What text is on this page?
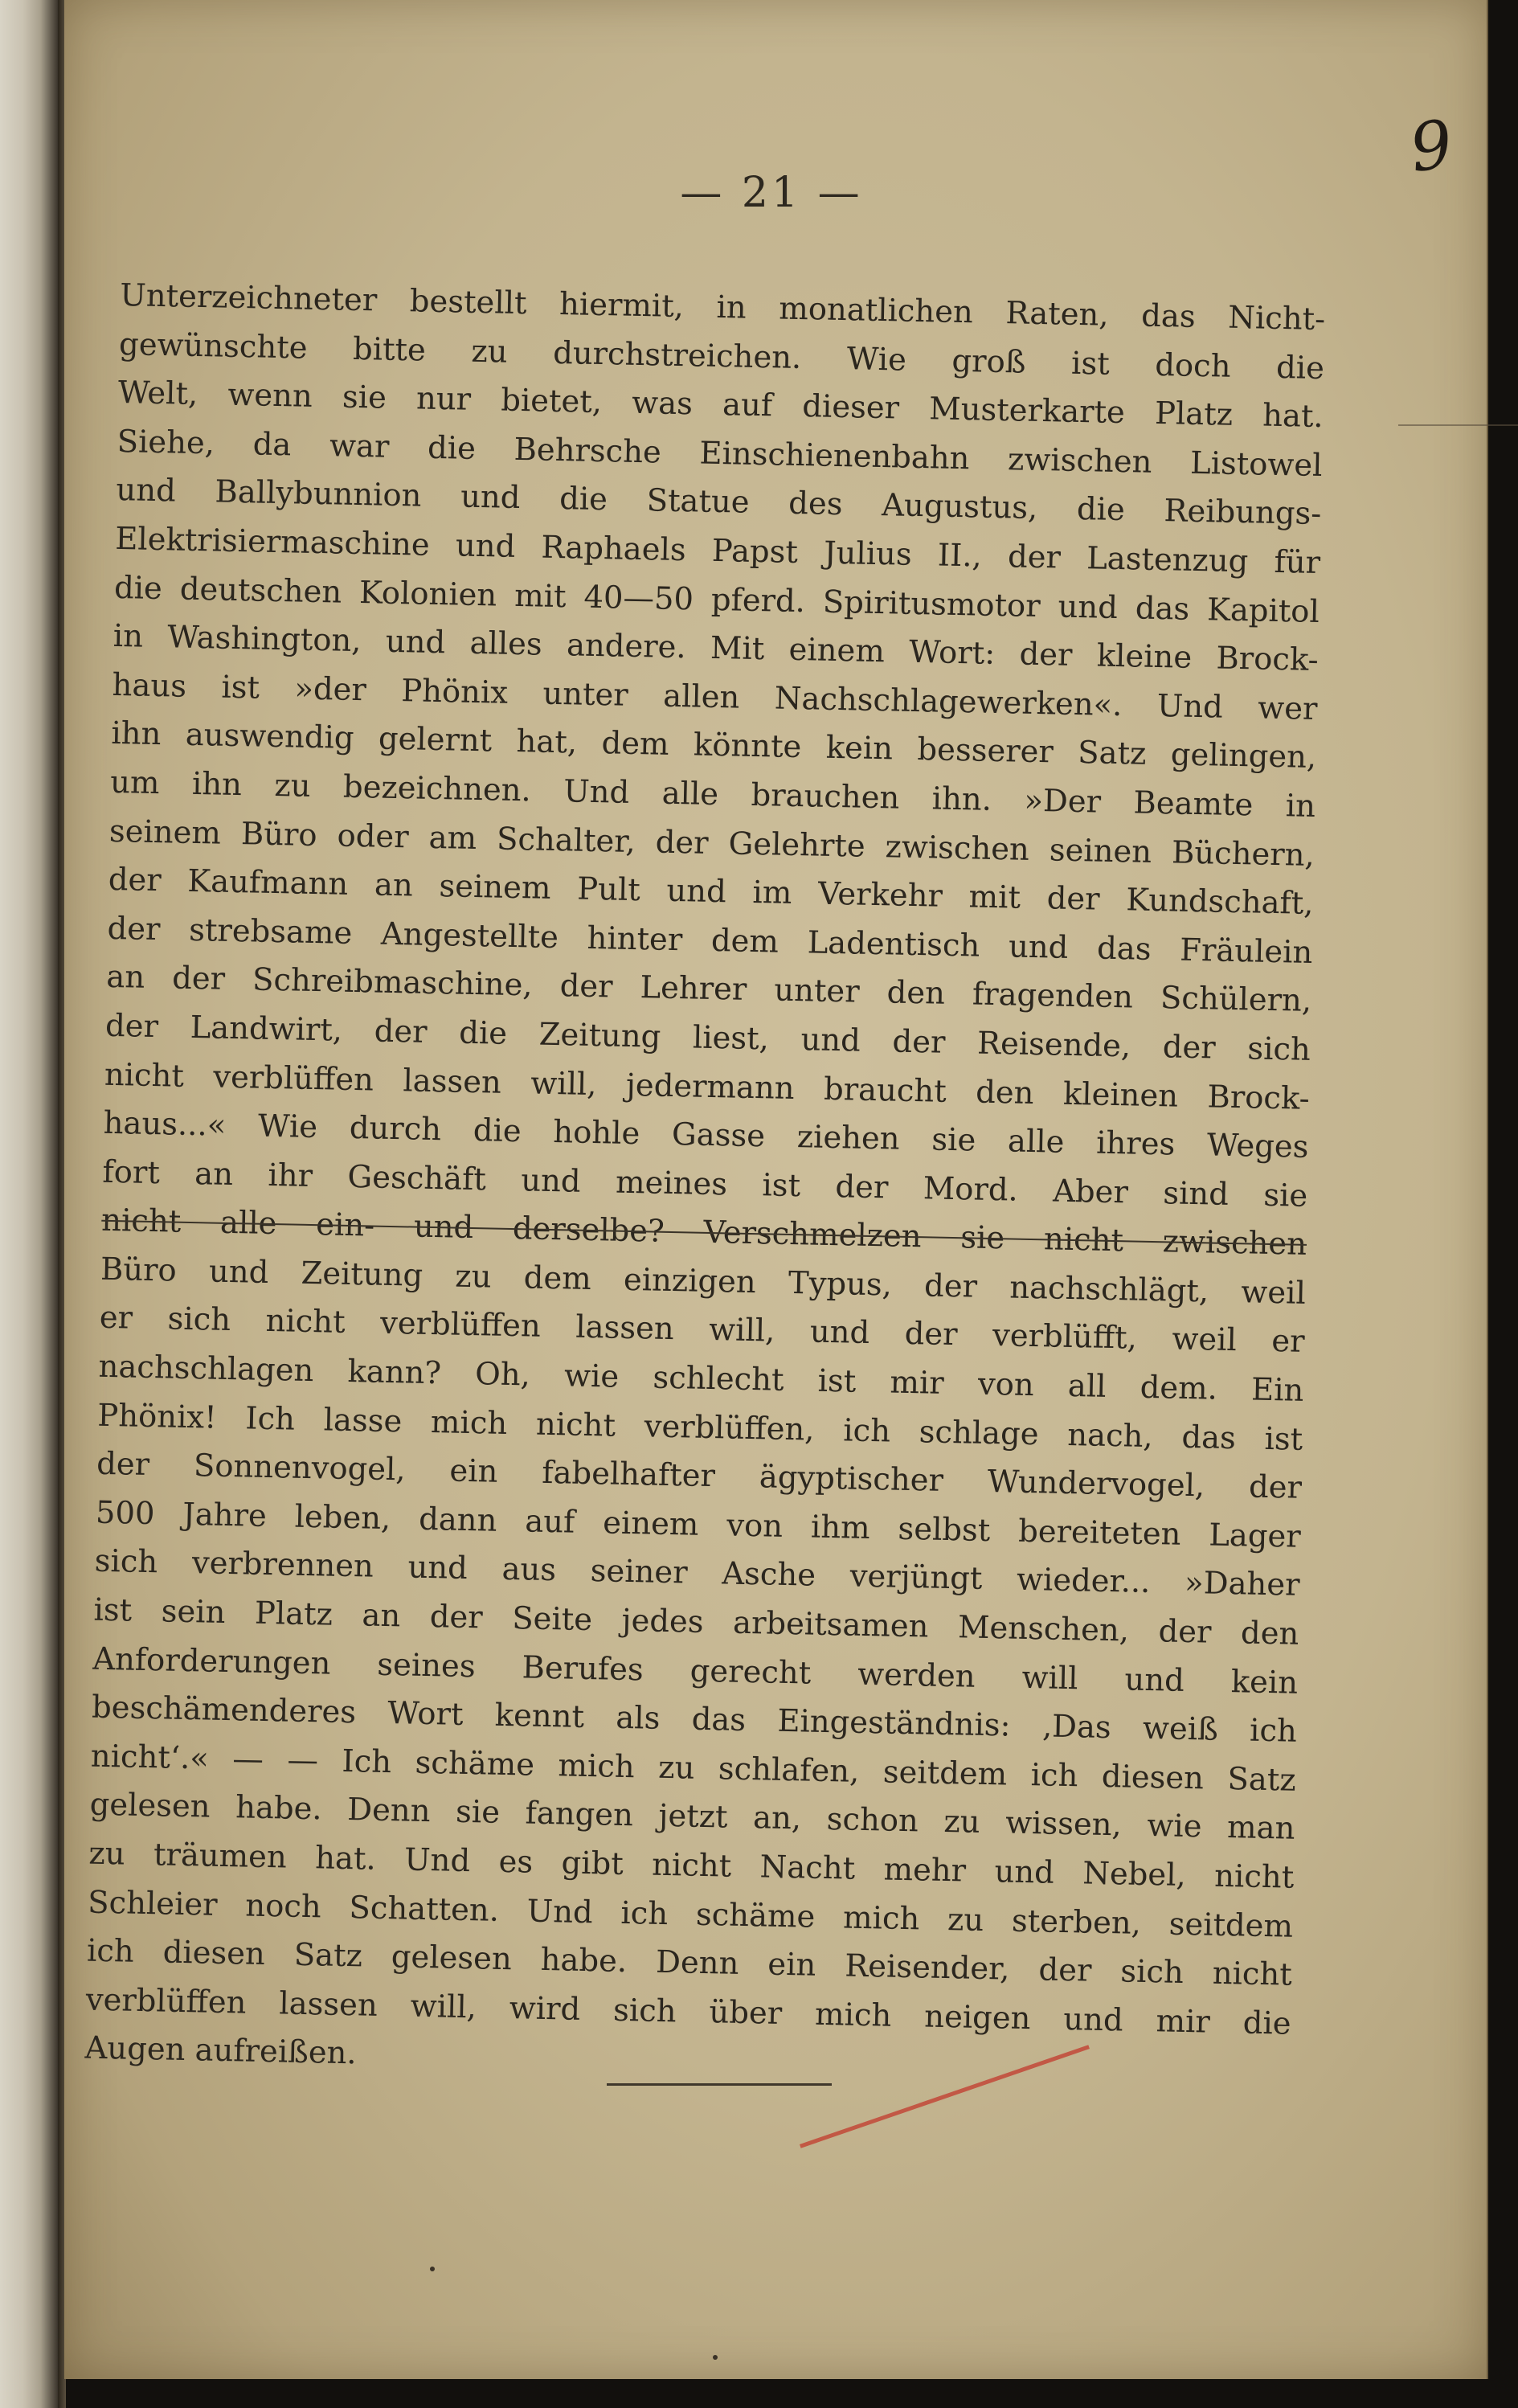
— 21 —
9
Unterzeichneter bestellt hiermit, in monatlichen Raten, das Nicht-
gewünschte bitte zu durchstreichen. Wie groß ist doch die
Welt, wenn sie nur bietet, was auf dieser Musterkarte Platz hat.
Siehe, da war die Behrsche Einschienenbahn zwischen Listowel
und Ballybunnion und die Statue des Augustus, die Reibungs-
Elektrisiermaschine und Raphaels Papst Julius II., der Lastenzug für
die deutschen Kolonien mit 40—50 pferd. Spiritusmotor und das Kapitol
in Washington, und alles andere. Mit einem Wort: der kleine Brock-
haus ist »der Phönix unter allen Nachschlagewerken«. Und wer
ihn auswendig gelernt hat, dem könnte kein besserer Satz gelingen,
um ihn zu bezeichnen. Und alle brauchen ihn. »Der Beamte in
seinem Büro oder am Schalter, der Gelehrte zwischen seinen Büchern,
der Kaufmann an seinem Pult und im Verkehr mit der Kundschaft,
der strebsame Angestellte hinter dem Ladentisch und das Fräulein
an der Schreibmaschine, der Lehrer unter den fragenden Schülern,
der Landwirt, der die Zeitung liest, und der Reisende, der sich
nicht verblüffen lassen will, jedermann braucht den kleinen Brock-
haus...« Wie durch die hohle Gasse ziehen sie alle ihres Weges
fort an ihr Geschäft und meines ist der Mord. Aber sind sie
nicht alle ein- und derselbe? Verschmelzen sie nicht zwischen
Büro und Zeitung zu dem einzigen Typus, der nachschlägt, weil
er sich nicht verblüffen lassen will, und der verblüfft, weil er
nachschlagen kann? Oh, wie schlecht ist mir von all dem. Ein
Phönix! Ich lasse mich nicht verblüffen, ich schlage nach, das ist
der Sonnenvogel, ein fabelhafter ägyptischer Wundervogel, der
500 Jahre leben, dann auf einem von ihm selbst bereiteten Lager
sich verbrennen und aus seiner Asche verjüngt wieder... »Daher
ist sein Platz an der Seite jedes arbeitsamen Menschen, der den
Anforderungen seines Berufes gerecht werden will und kein
beschämenderes Wort kennt als das Eingeständnis: ‚Das weiß ich
nicht‘.« — — Ich schäme mich zu schlafen, seitdem ich diesen Satz
gelesen habe. Denn sie fangen jetzt an, schon zu wissen, wie man
zu träumen hat. Und es gibt nicht Nacht mehr und Nebel, nicht
Schleier noch Schatten. Und ich schäme mich zu sterben, seitdem
ich diesen Satz gelesen habe. Denn ein Reisender, der sich nicht
verblüffen lassen will, wird sich über mich neigen und mir die
Augen aufreißen.
